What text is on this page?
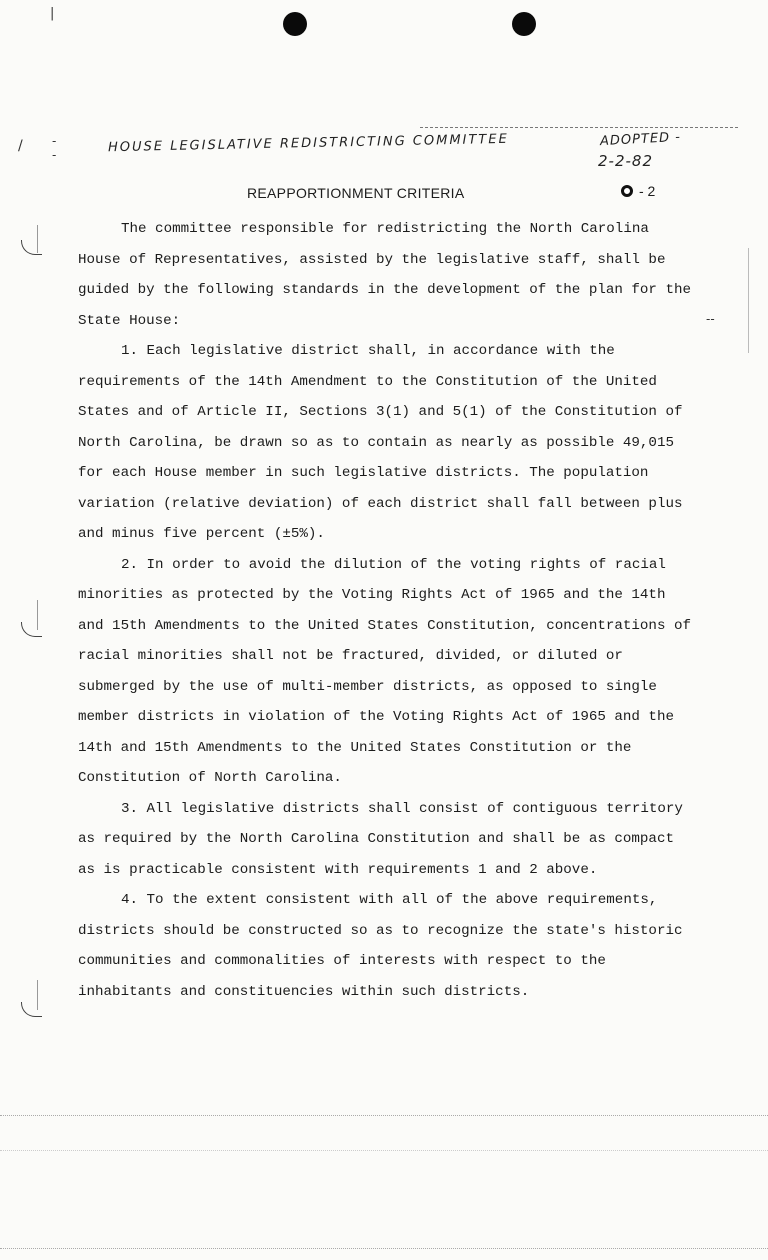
|
/ -
-
--
HOUSE LEGISLATIVE REDISTRICTING COMMITTEE	ADOPTED -
2-2-82
REAPPORTIONMENT CRITERIA	- 2

The committee responsible for redistricting the North Carolina House of Representatives, assisted by the legislative staff, shall be guided by the following standards in the development of the plan for the State House:

1. Each legislative district shall, in accordance with the requirements of the 14th Amendment to the Constitution of the United States and of Article II, Sections 3(1) and 5(1) of the Constitution of North Carolina, be drawn so as to contain as nearly as possible 49,015 for each House member in such legislative districts. The population variation (relative deviation) of each district shall fall between plus and minus five percent (±5%).

2. In order to avoid the dilution of the voting rights of racial minorities as protected by the Voting Rights Act of 1965 and the 14th and 15th Amendments to the United States Constitution, concentrations of racial minorities shall not be fractured, divided, or diluted or submerged by the use of multi-member districts, as opposed to single member districts in violation of the Voting Rights Act of 1965 and the 14th and 15th Amendments to the United States Constitution or the Constitution of North Carolina.

3. All legislative districts shall consist of contiguous territory as required by the North Carolina Constitution and shall be as compact as is practicable consistent with requirements 1 and 2 above.

4. To the extent consistent with all of the above requirements, districts should be constructed so as to recognize the state's historic communities and commonalities of interests with respect to the inhabitants and constituencies within such districts.
